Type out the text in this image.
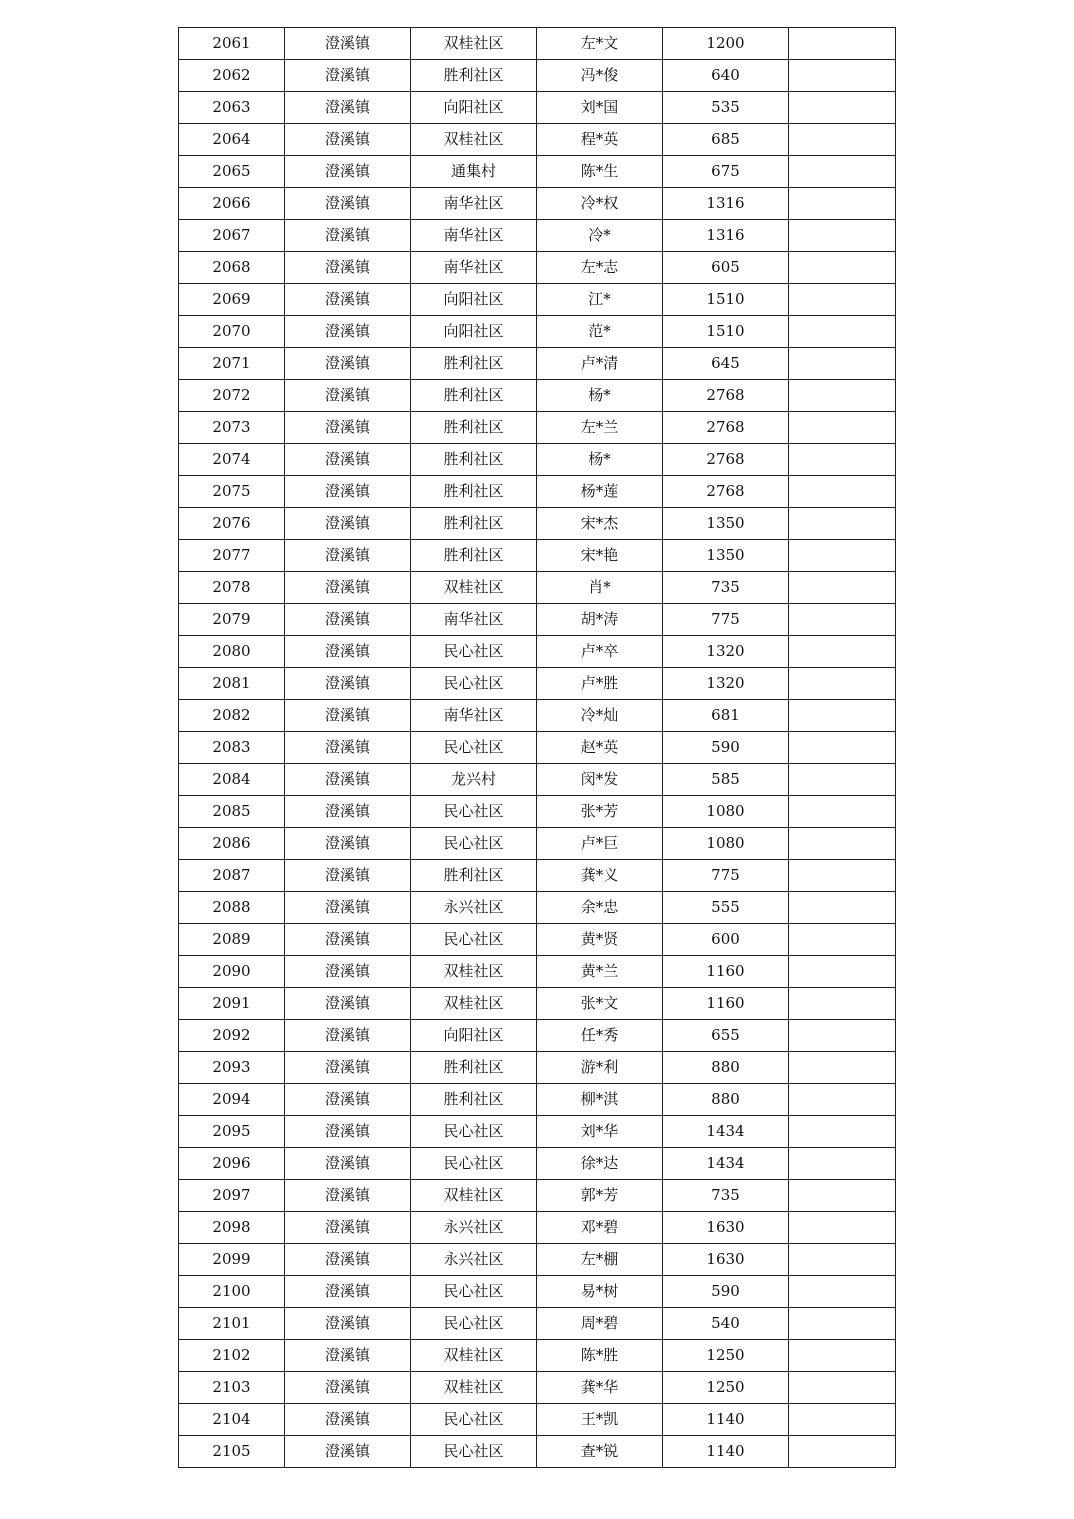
2061	澄溪镇	双桂社区	左*文	1200	
2062	澄溪镇	胜利社区	冯*俊	640	
2063	澄溪镇	向阳社区	刘*国	535	
2064	澄溪镇	双桂社区	程*英	685	
2065	澄溪镇	通集村	陈*生	675	
2066	澄溪镇	南华社区	冷*权	1316	
2067	澄溪镇	南华社区	冷*	1316	
2068	澄溪镇	南华社区	左*志	605	
2069	澄溪镇	向阳社区	江*	1510	
2070	澄溪镇	向阳社区	范*	1510	
2071	澄溪镇	胜利社区	卢*清	645	
2072	澄溪镇	胜利社区	杨*	2768	
2073	澄溪镇	胜利社区	左*兰	2768	
2074	澄溪镇	胜利社区	杨*	2768	
2075	澄溪镇	胜利社区	杨*莲	2768	
2076	澄溪镇	胜利社区	宋*杰	1350	
2077	澄溪镇	胜利社区	宋*艳	1350	
2078	澄溪镇	双桂社区	肖*	735	
2079	澄溪镇	南华社区	胡*涛	775	
2080	澄溪镇	民心社区	卢*卒	1320	
2081	澄溪镇	民心社区	卢*胜	1320	
2082	澄溪镇	南华社区	冷*灿	681	
2083	澄溪镇	民心社区	赵*英	590	
2084	澄溪镇	龙兴村	闵*发	585	
2085	澄溪镇	民心社区	张*芳	1080	
2086	澄溪镇	民心社区	卢*巨	1080	
2087	澄溪镇	胜利社区	龚*义	775	
2088	澄溪镇	永兴社区	余*忠	555	
2089	澄溪镇	民心社区	黄*贤	600	
2090	澄溪镇	双桂社区	黄*兰	1160	
2091	澄溪镇	双桂社区	张*文	1160	
2092	澄溪镇	向阳社区	任*秀	655	
2093	澄溪镇	胜利社区	游*利	880	
2094	澄溪镇	胜利社区	柳*淇	880	
2095	澄溪镇	民心社区	刘*华	1434	
2096	澄溪镇	民心社区	徐*达	1434	
2097	澄溪镇	双桂社区	郭*芳	735	
2098	澄溪镇	永兴社区	邓*碧	1630	
2099	澄溪镇	永兴社区	左*棚	1630	
2100	澄溪镇	民心社区	易*树	590	
2101	澄溪镇	民心社区	周*碧	540	
2102	澄溪镇	双桂社区	陈*胜	1250	
2103	澄溪镇	双桂社区	龚*华	1250	
2104	澄溪镇	民心社区	王*凯	1140	
2105	澄溪镇	民心社区	查*锐	1140	
